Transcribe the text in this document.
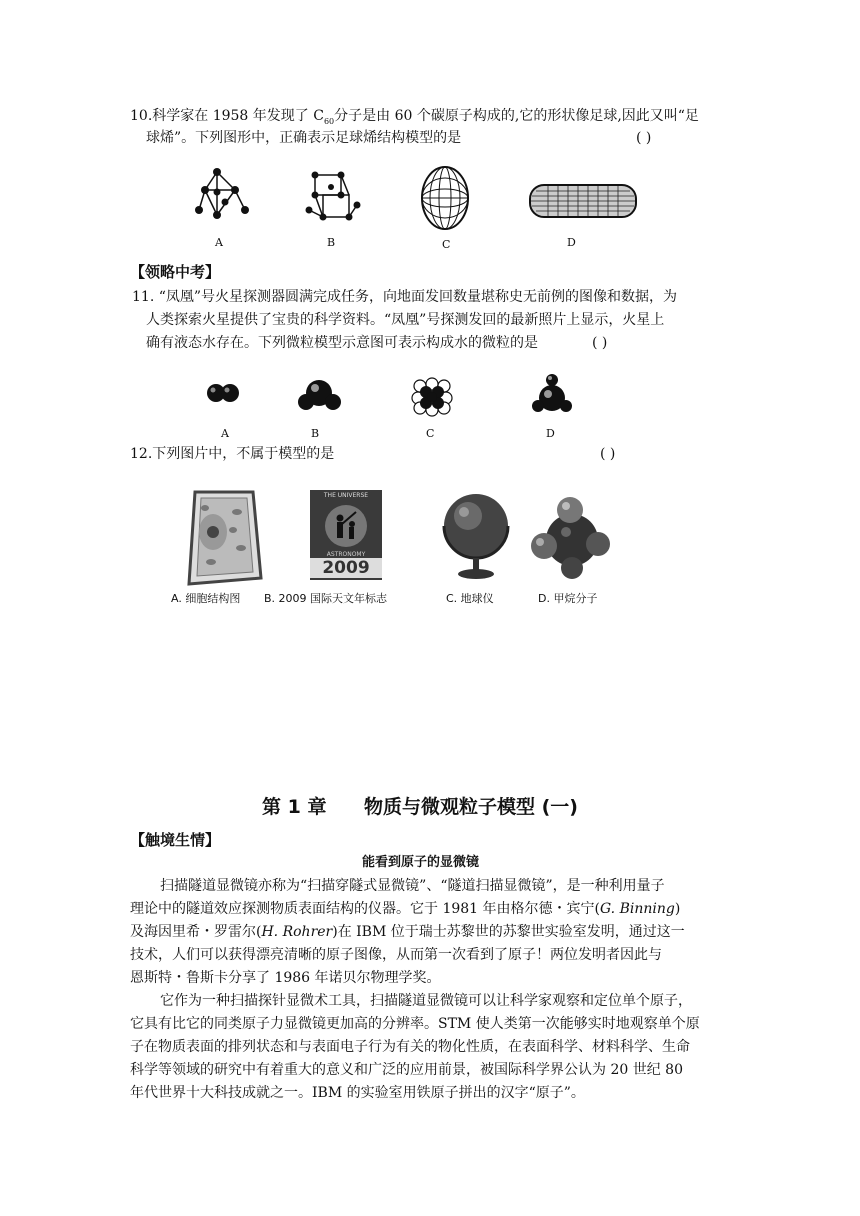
10.科学家在 1958 年发现了 $C_{60}$分子是由 60 个碳原子构成的,它的形状像足球,因此又叫“足
球烯”。下列图形中，正确表示足球烯结构模型的是	( )
A	B	C	D
【领略中考】
11. “凤凰”号火星探测器圆满完成任务，向地面发回数量堪称史无前例的图像和数据，为
人类探索火星提供了宝贵的科学资料。“凤凰”号探测发回的最新照片上显示，火星上
确有液态水存在。下列微粒模型示意图可表示构成水的微粒的是	( )
A	B	C	D
12.下列图片中，不属于模型的是	( )
A. 细胞结构图
THE UNIVERSE
ASTRONOMY
2009
B. 2009 国际天文年标志	C. 地球仪	D. 甲烷分子
第 1 章 物质与微观粒子模型 (一)
【触境生情】
能看到原子的显微镜
扫描隧道显微镜亦称为“扫描穿隧式显微镜”、“隧道扫描显微镜”，是一种利用量子
理论中的隧道效应探测物质表面结构的仪器。它于 1981 年由格尔德・宾宁(G. Binning)
及海因里希・罗雷尔(H. Rohrer)在 IBM 位于瑞士苏黎世的苏黎世实验室发明，通过这一
技术，人们可以获得漂亮清晰的原子图像，从而第一次看到了原子！两位发明者因此与
恩斯特・鲁斯卡分享了 1986 年诺贝尔物理学奖。
它作为一种扫描探针显微术工具，扫描隧道显微镜可以让科学家观察和定位单个原子，
它具有比它的同类原子力显微镜更加高的分辨率。STM 使人类第一次能够实时地观察单个原
子在物质表面的排列状态和与表面电子行为有关的物化性质，在表面科学、材料科学、生命
科学等领域的研究中有着重大的意义和广泛的应用前景，被国际科学界公认为 20 世纪 80
年代世界十大科技成就之一。IBM 的实验室用铁原子拼出的汉字“原子”。
